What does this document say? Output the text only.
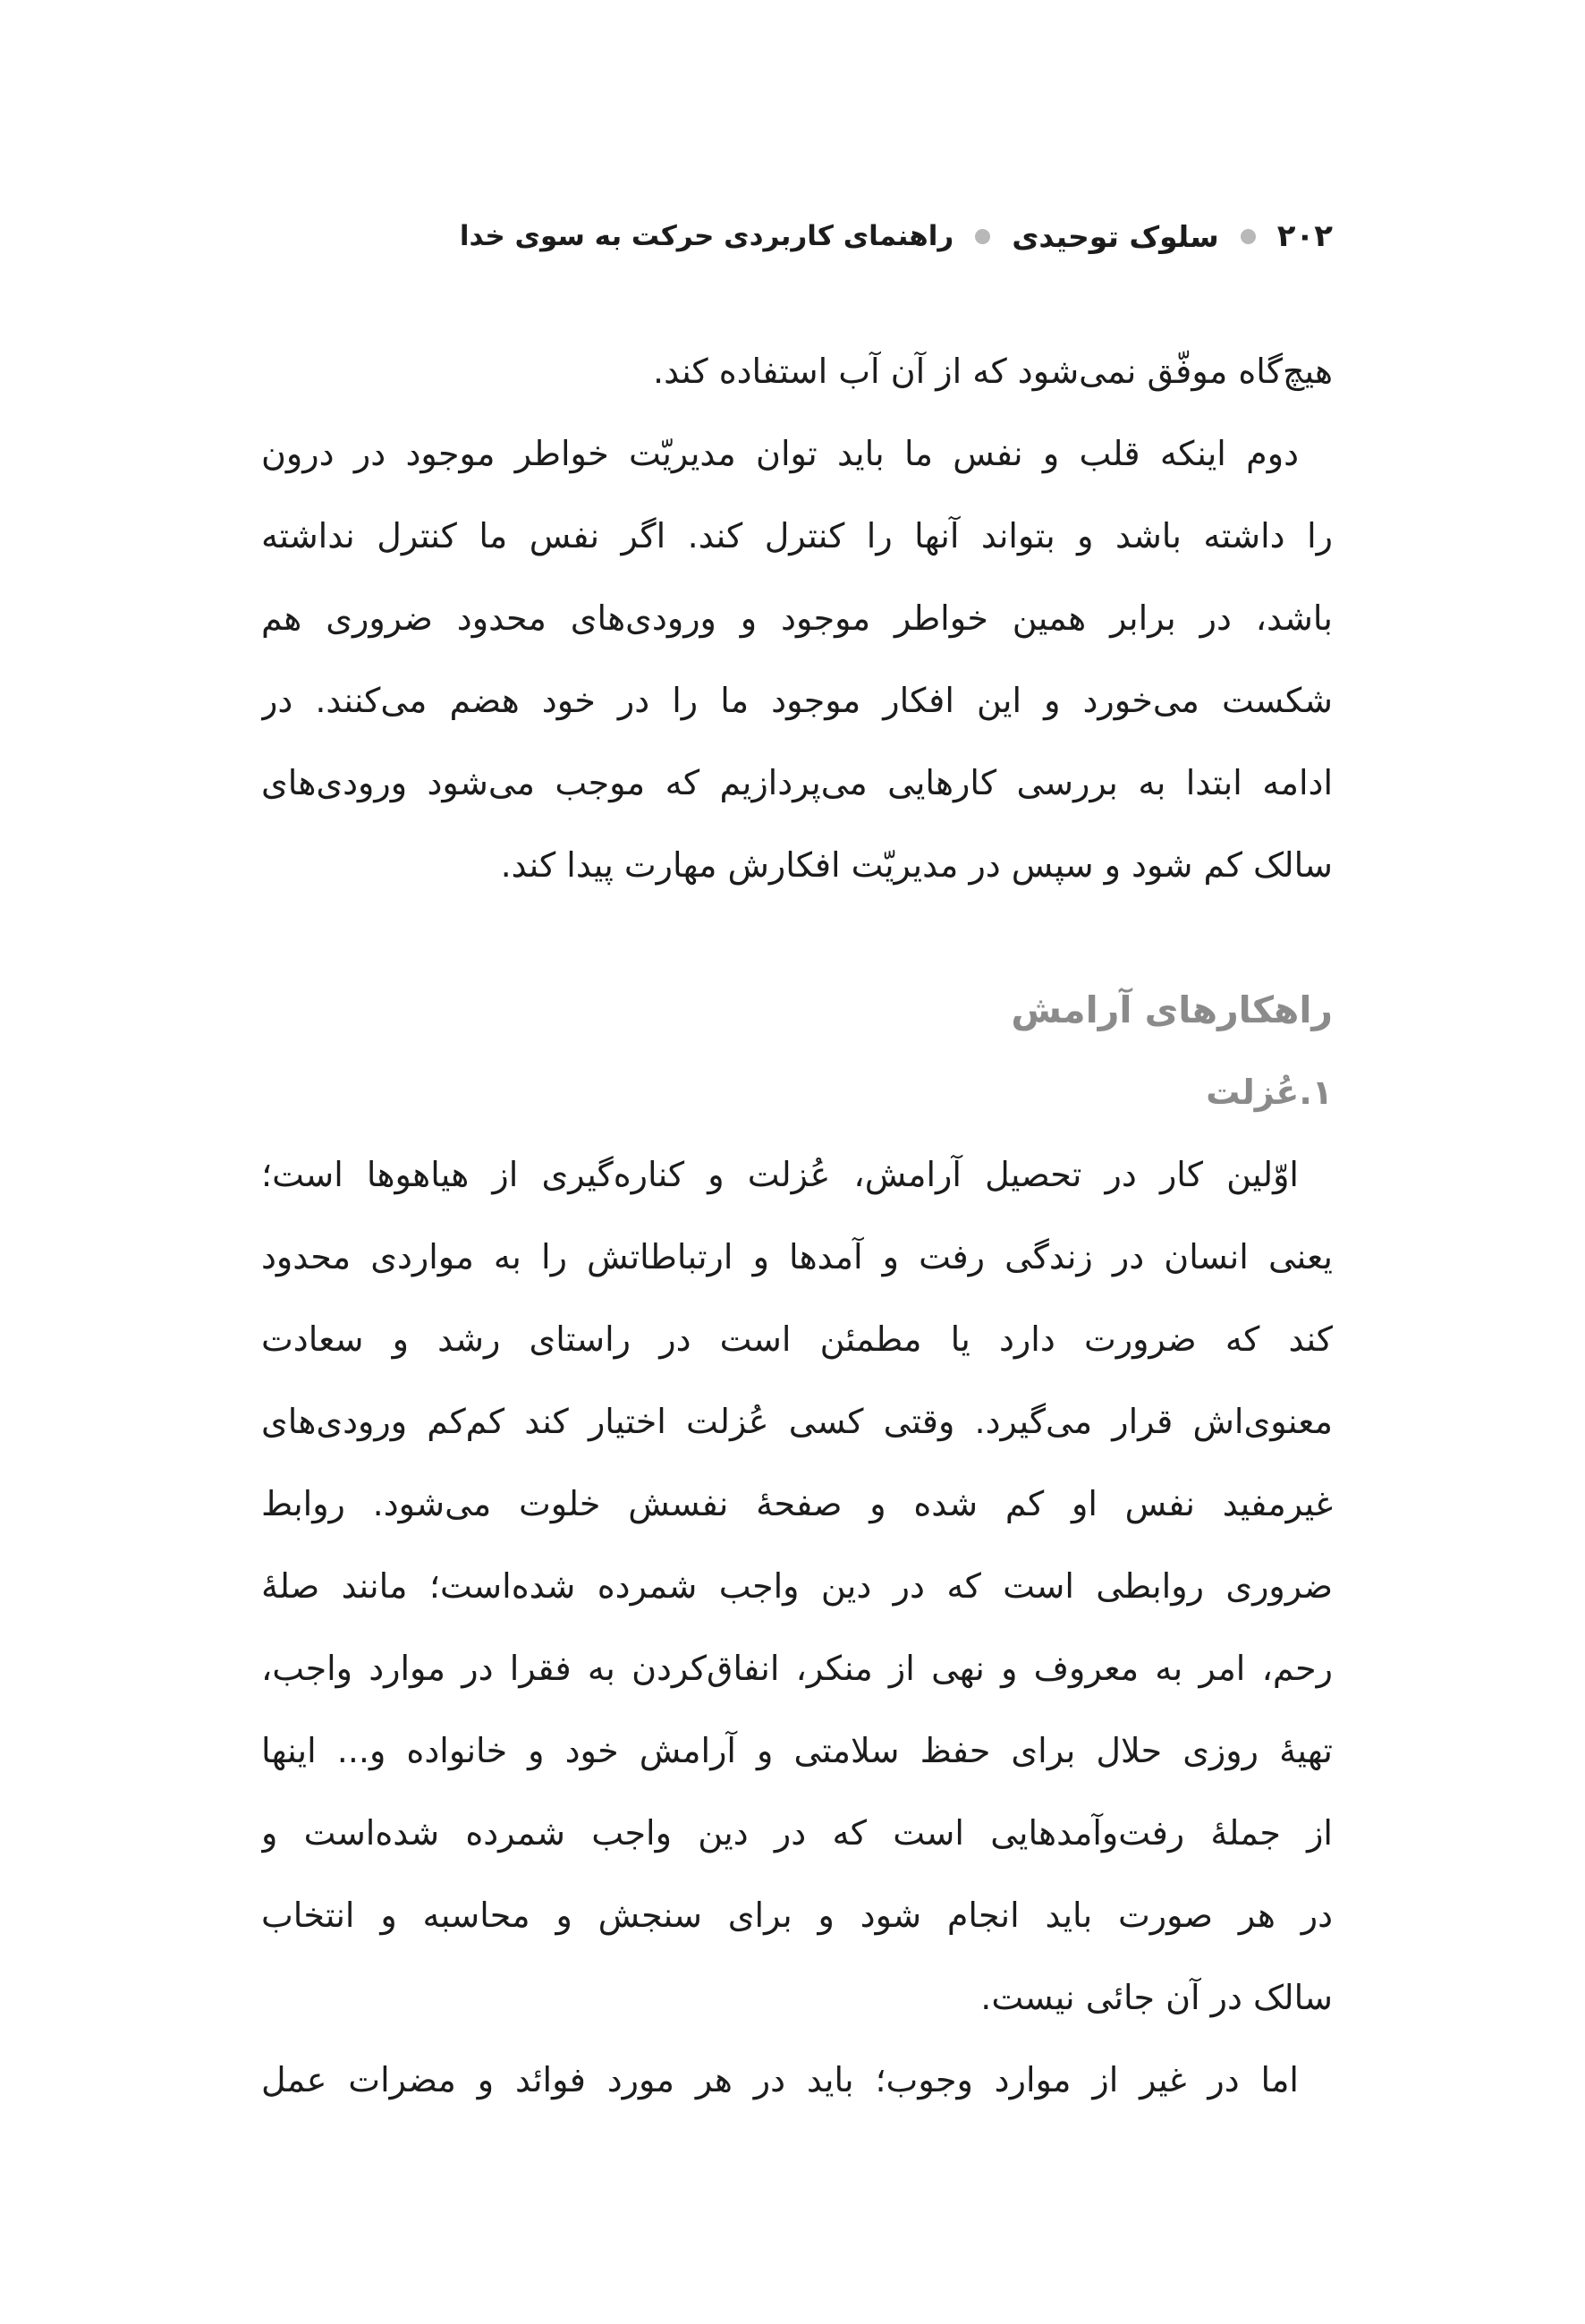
۲۰۲
سلوک توحیدی
راهنمای کاربردی حرکت به سوی خدا
هیچ‌گاه موفّق نمی‌شود که از آن آب استفاده کند.
دوم اینکه قلب و نفس ما باید توان مدیریّت خواطر موجود در درون
را داشته باشد و بتواند آنها را کنترل کند. اگر نفس ما کنترل نداشته
باشد، در برابر همین خواطر موجود و ورودی‌های محدود ضروری هم
شکست می‌خورد و این افکار موجود ما را در خود هضم می‌کنند. در
ادامه ابتدا به بررسی کارهایی می‌پردازیم که موجب می‌شود ورودی‌های
سالک کم شود و سپس در مدیریّت افکارش مهارت پیدا کند.
راهکارهای آرامش
۱.عُزلت
اوّلین کار در تحصیل آرامش، عُزلت و کناره‌گیری از هیاهوها است؛
یعنی انسان در زندگی رفت و آمدها و ارتباطاتش را به مواردی محدود
کند که ضرورت دارد یا مطمئن است در راستای رشد و سعادت
معنوی‌اش قرار می‌گیرد. وقتی کسی عُزلت اختیار کند کم‌کم ورودی‌های
غیرمفید نفس او کم شده و صفحهٔ نفسش خلوت می‌شود. روابط
ضروری روابطی است که در دین واجب شمرده شده‌است؛ مانند صلهٔ
رحم، امر به معروف و نهی از منکر، انفاق‌کردن به فقرا در موارد واجب،
تهیهٔ روزی حلال برای حفظ سلامتی و آرامش خود و خانواده و... اینها
از جملهٔ رفت‌وآمدهایی است که در دین واجب شمرده شده‌است و
در هر صورت باید انجام شود و برای سنجش و محاسبه و انتخاب
سالک در آن جائی نیست.
اما در غیر از موارد وجوب؛ باید در هر مورد فوائد و مضرات عمل
